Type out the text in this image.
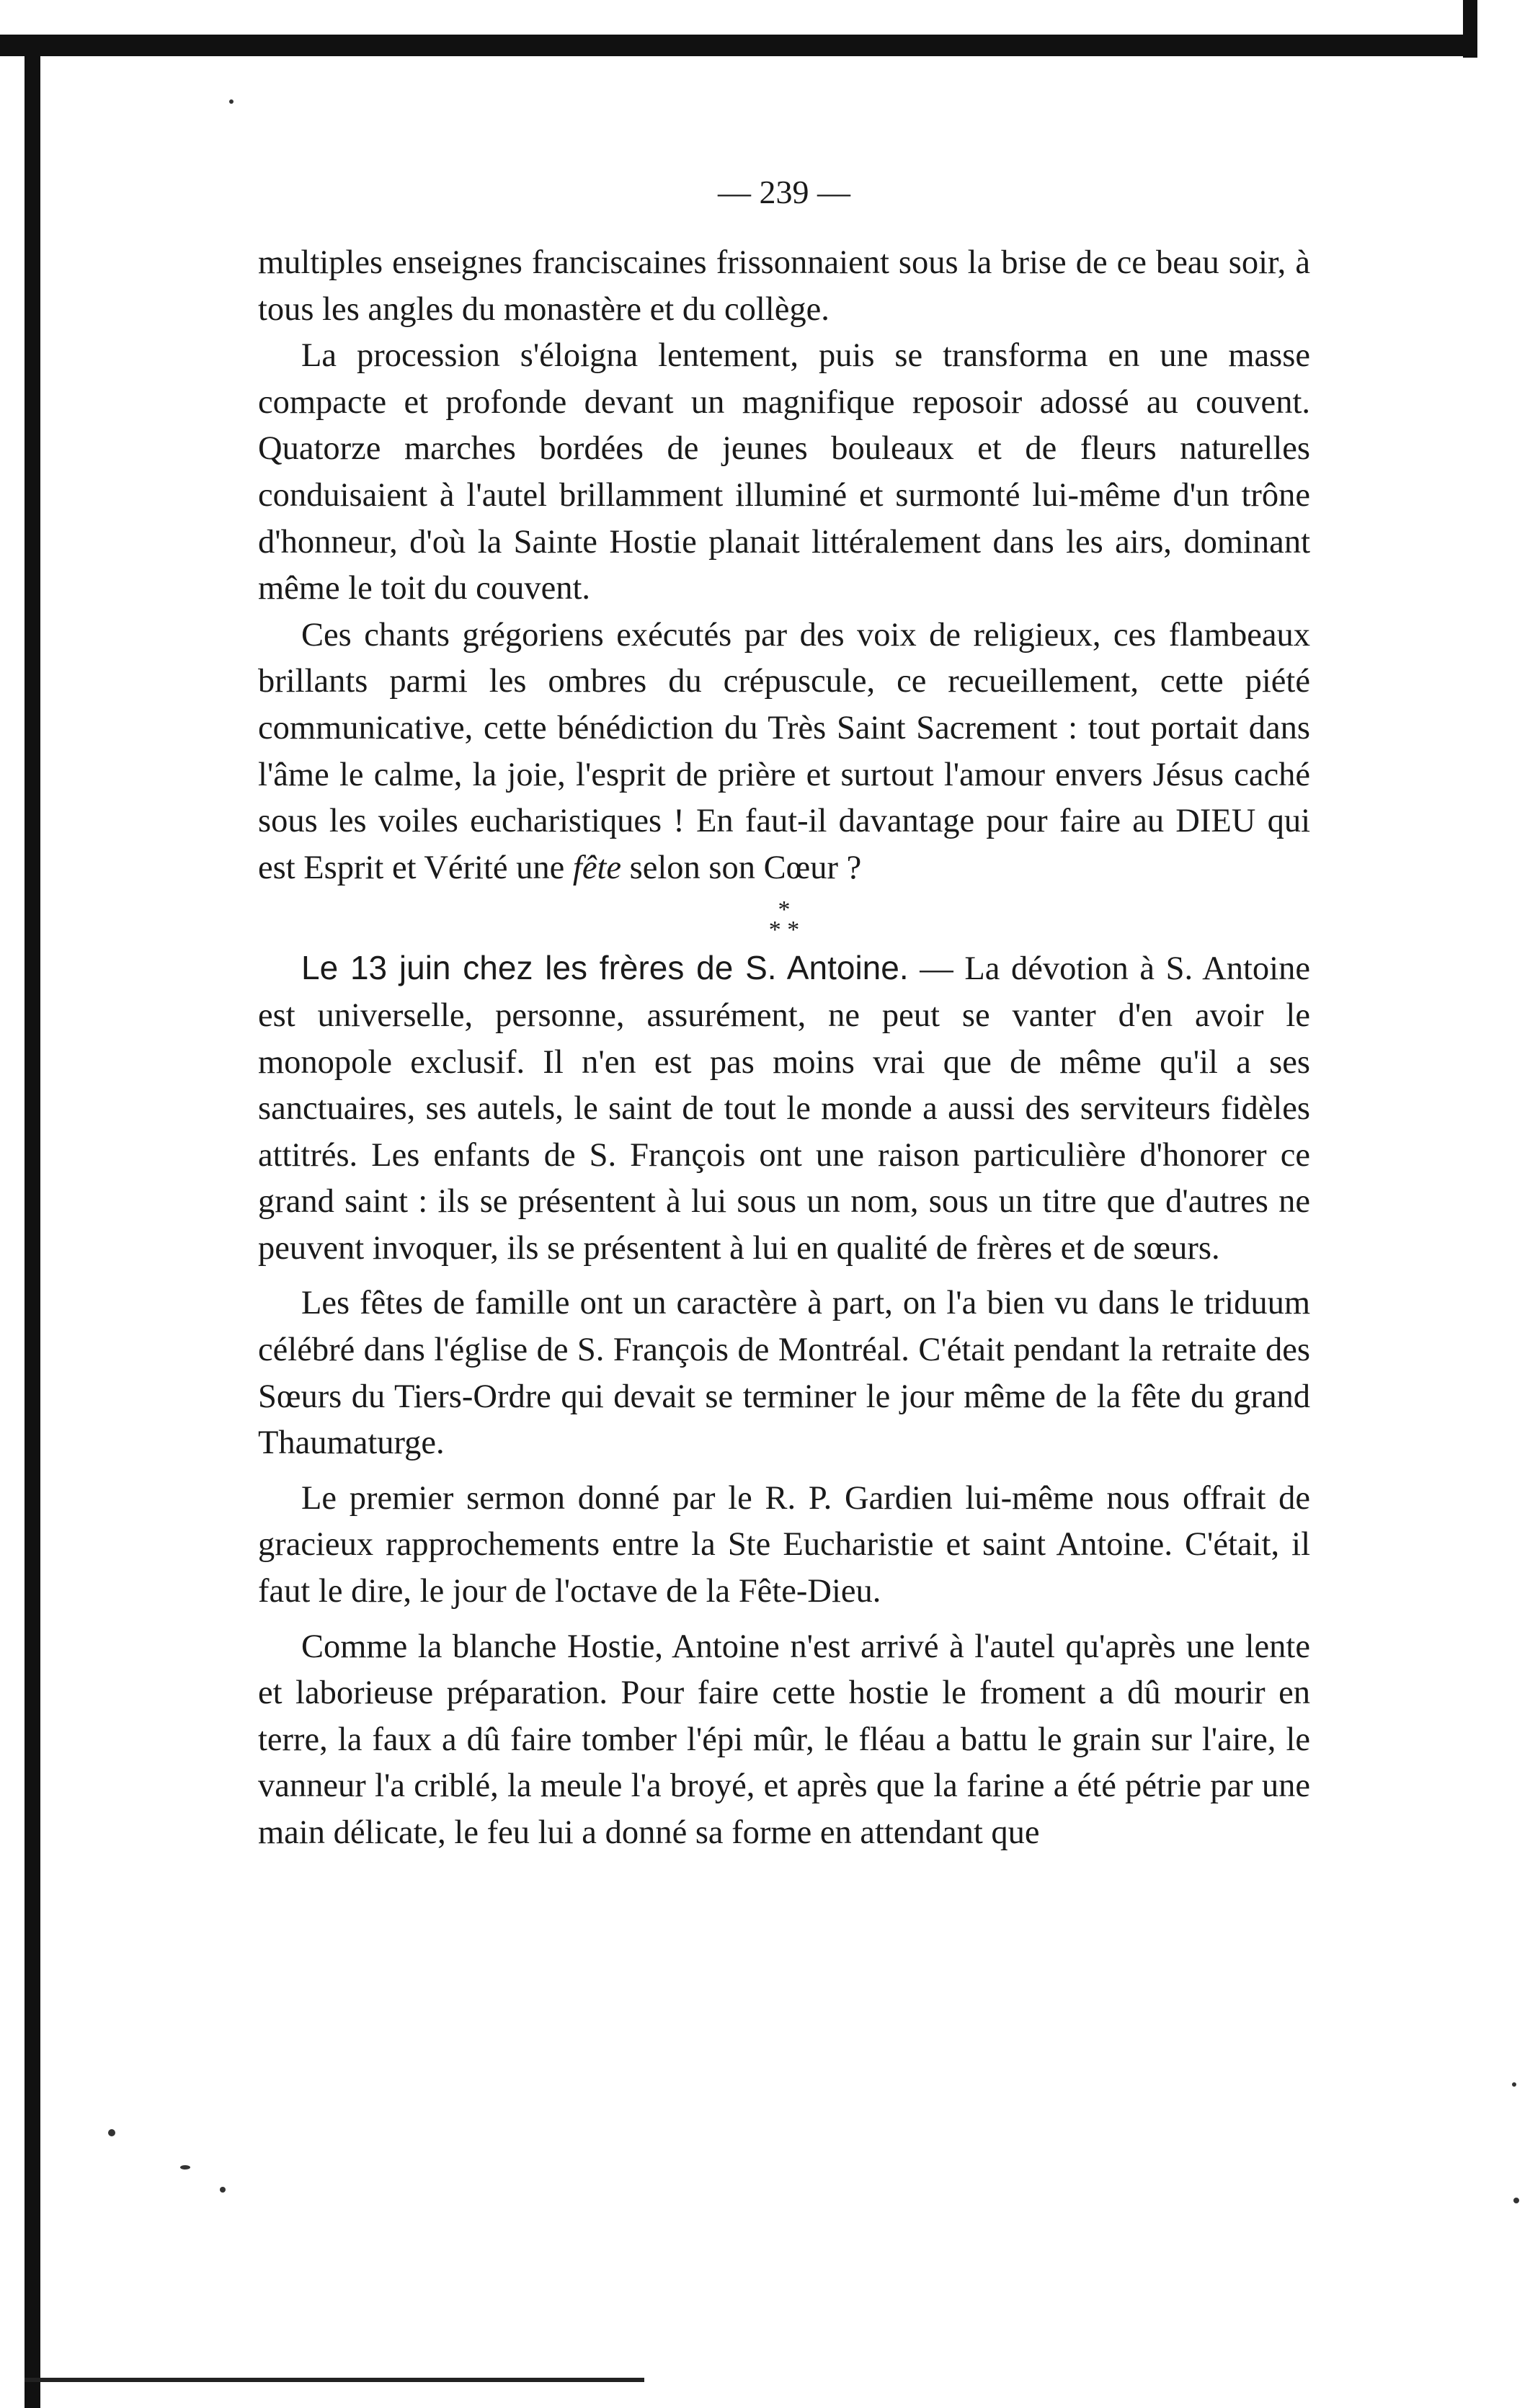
— 239 —

multiples enseignes franciscaines frissonnaient sous la brise de ce beau soir, à tous les angles du monastère et du collège.

La procession s'éloigna lentement, puis se transforma en une masse compacte et profonde devant un magnifique reposoir adossé au couvent. Quatorze marches bordées de jeunes bouleaux et de fleurs naturelles conduisaient à l'autel brillamment illuminé et surmonté lui-même d'un trône d'honneur, d'où la Sainte Hostie planait littéralement dans les airs, dominant même le toit du couvent.

Ces chants grégoriens exécutés par des voix de religieux, ces flambeaux brillants parmi les ombres du crépuscule, ce recueillement, cette piété communicative, cette bénédiction du Très Saint Sacrement : tout portait dans l'âme le calme, la joie, l'esprit de prière et surtout l'amour envers Jésus caché sous les voiles eucharistiques ! En faut-il davantage pour faire au DIEU qui est Esprit et Vérité une fête selon son Cœur ?

*
* *

Le 13 juin chez les frères de S. Antoine. — La dévotion à S. Antoine est universelle, personne, assurément, ne peut se vanter d'en avoir le monopole exclusif. Il n'en est pas moins vrai que de même qu'il a ses sanctuaires, ses autels, le saint de tout le monde a aussi des serviteurs fidèles attitrés. Les enfants de S. François ont une raison particulière d'honorer ce grand saint : ils se présentent à lui sous un nom, sous un titre que d'autres ne peuvent invoquer, ils se présentent à lui en qualité de frères et de sœurs.

Les fêtes de famille ont un caractère à part, on l'a bien vu dans le triduum célébré dans l'église de S. François de Montréal. C'était pendant la retraite des Sœurs du Tiers-Ordre qui devait se terminer le jour même de la fête du grand Thaumaturge.

Le premier sermon donné par le R. P. Gardien lui-même nous offrait de gracieux rapprochements entre la Ste Eucharistie et saint Antoine. C'était, il faut le dire, le jour de l'octave de la Fête-Dieu.

Comme la blanche Hostie, Antoine n'est arrivé à l'autel qu'après une lente et laborieuse préparation. Pour faire cette hostie le froment a dû mourir en terre, la faux a dû faire tomber l'épi mûr, le fléau a battu le grain sur l'aire, le vanneur l'a criblé, la meule l'a broyé, et après que la farine a été pétrie par une main délicate, le feu lui a donné sa forme en attendant que
